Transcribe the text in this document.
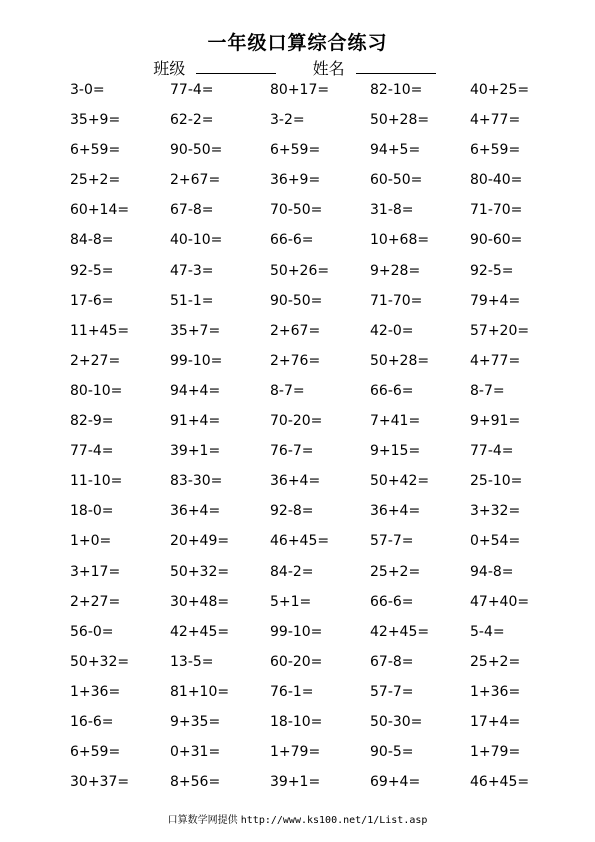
一年级口算综合练习
班级	姓名
3-0=	77-4=	80+17=	82-10=	40+25=
35+9=	62-2=	3-2=	50+28=	4+77=
6+59=	90-50=	6+59=	94+5=	6+59=
25+2=	2+67=	36+9=	60-50=	80-40=
60+14=	67-8=	70-50=	31-8=	71-70=
84-8=	40-10=	66-6=	10+68=	90-60=
92-5=	47-3=	50+26=	9+28=	92-5=
17-6=	51-1=	90-50=	71-70=	79+4=
11+45=	35+7=	2+67=	42-0=	57+20=
2+27=	99-10=	2+76=	50+28=	4+77=
80-10=	94+4=	8-7=	66-6=	8-7=
82-9=	91+4=	70-20=	7+41=	9+91=
77-4=	39+1=	76-7=	9+15=	77-4=
11-10=	83-30=	36+4=	50+42=	25-10=
18-0=	36+4=	92-8=	36+4=	3+32=
1+0=	20+49=	46+45=	57-7=	0+54=
3+17=	50+32=	84-2=	25+2=	94-8=
2+27=	30+48=	5+1=	66-6=	47+40=
56-0=	42+45=	99-10=	42+45=	5-4=
50+32=	13-5=	60-20=	67-8=	25+2=
1+36=	81+10=	76-1=	57-7=	1+36=
16-6=	9+35=	18-10=	50-30=	17+4=
6+59=	0+31=	1+79=	90-5=	1+79=
30+37=	8+56=	39+1=	69+4=	46+45=
口算数学网提供 http://www.ks100.net/1/List.asp
